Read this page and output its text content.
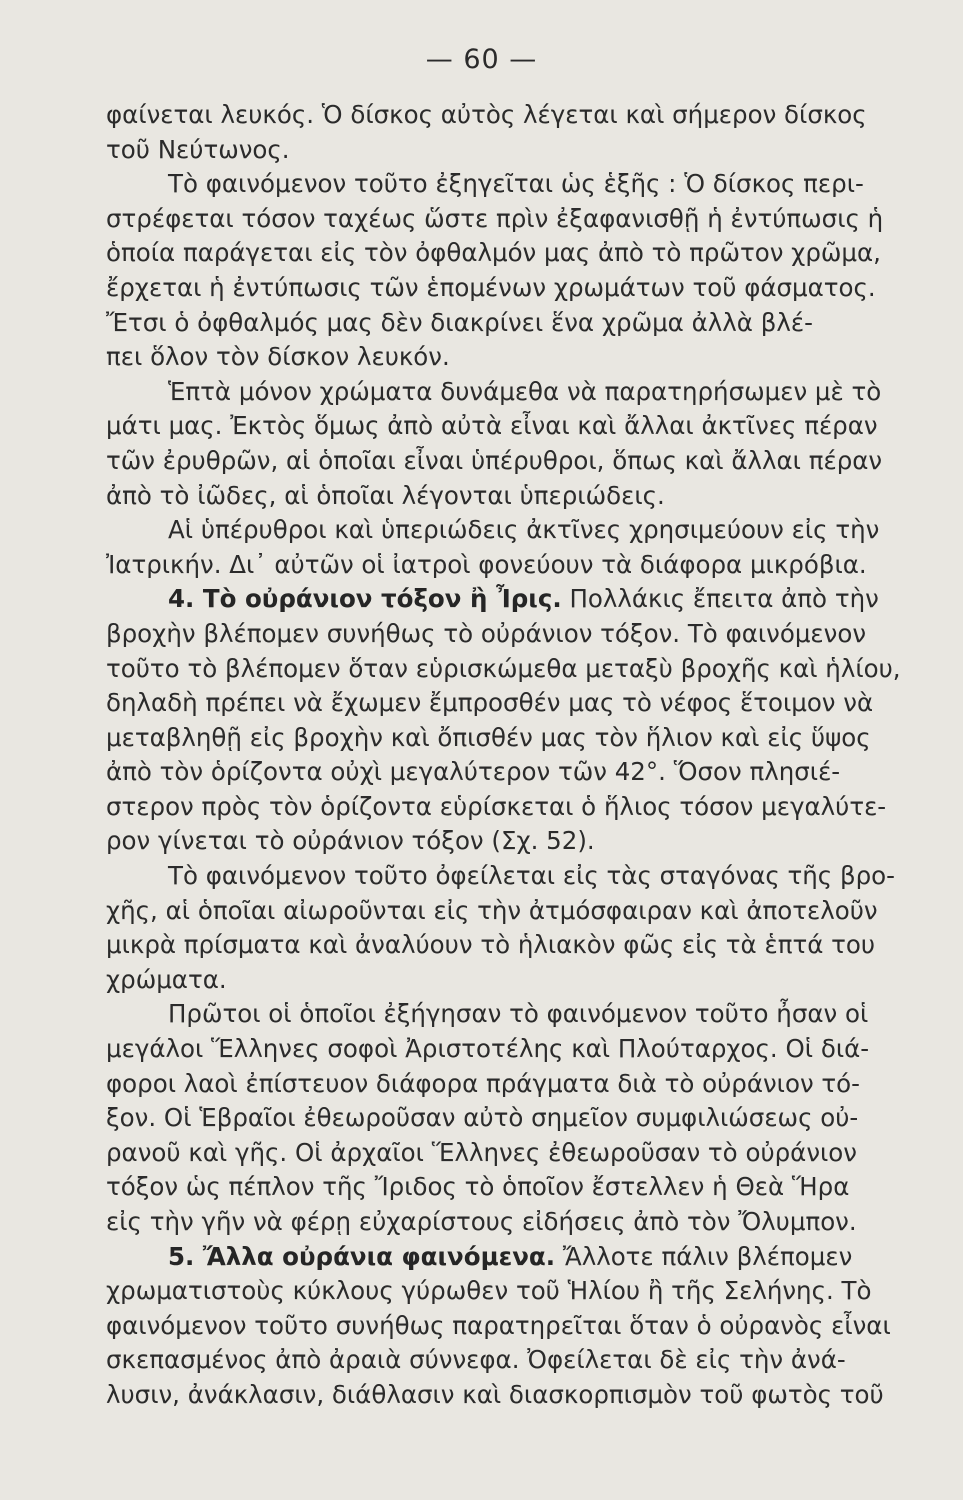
— 60 —
φαίνεται λευκός. Ὁ δίσκος αὐτὸς λέγεται καὶ σήμερον δίσκος
τοῦ Νεύτωνος.
Τὸ φαινόμενον τοῦτο ἐξηγεῖται ὡς ἑξῆς : Ὁ δίσκος περι-
στρέφεται τόσον ταχέως ὥστε πρὶν ἐξαφανισθῇ ἡ ἐντύπωσις ἡ
ὁποία παράγεται εἰς τὸν ὀφθαλμόν μας ἀπὸ τὸ πρῶτον χρῶμα,
ἔρχεται ἡ ἐντύπωσις τῶν ἑπομένων χρωμάτων τοῦ φάσματος.
Ἔτσι ὁ ὀφθαλμός μας δὲν διακρίνει ἕνα χρῶμα ἀλλὰ βλέ-
πει ὅλον τὸν δίσκον λευκόν.
Ἑπτὰ μόνον χρώματα δυνάμεθα νὰ παρατηρήσωμεν μὲ τὸ
μάτι μας. Ἐκτὸς ὅμως ἀπὸ αὐτὰ εἶναι καὶ ἄλλαι ἀκτῖνες πέραν
τῶν ἐρυθρῶν, αἱ ὁποῖαι εἶναι ὑπέρυθροι, ὅπως καὶ ἄλλαι πέραν
ἀπὸ τὸ ἰῶδες, αἱ ὁποῖαι λέγονται ὑπεριώδεις.
Αἱ ὑπέρυθροι καὶ ὑπεριώδεις ἀκτῖνες χρησιμεύουν εἰς τὴν
Ἰατρικήν. Δι᾿ αὐτῶν οἱ ἰατροὶ φονεύουν τὰ διάφορα μικρόβια.
4. Τὸ οὐράνιον τόξον ἢ Ἶρις. Πολλάκις ἔπειτα ἀπὸ τὴν
βροχὴν βλέπομεν συνήθως τὸ οὐράνιον τόξον. Τὸ φαινόμενον
τοῦτο τὸ βλέπομεν ὅταν εὑρισκώμεθα μεταξὺ βροχῆς καὶ ἡλίου,
δηλαδὴ πρέπει νὰ ἔχωμεν ἔμπροσθέν μας τὸ νέφος ἕτοιμον νὰ
μεταβληθῇ εἰς βροχὴν καὶ ὄπισθέν μας τὸν ἥλιον καὶ εἰς ὕψος
ἀπὸ τὸν ὁρίζοντα οὐχὶ μεγαλύτερον τῶν 42°. Ὅσον πλησιέ-
στερον πρὸς τὸν ὁρίζοντα εὑρίσκεται ὁ ἥλιος τόσον μεγαλύτε-
ρον γίνεται τὸ οὐράνιον τόξον (Σχ. 52).
Τὸ φαινόμενον τοῦτο ὀφείλεται εἰς τὰς σταγόνας τῆς βρο-
χῆς, αἱ ὁποῖαι αἰωροῦνται εἰς τὴν ἀτμόσφαιραν καὶ ἀποτελοῦν
μικρὰ πρίσματα καὶ ἀναλύουν τὸ ἡλιακὸν φῶς εἰς τὰ ἑπτά του
χρώματα.
Πρῶτοι οἱ ὁποῖοι ἐξήγησαν τὸ φαινόμενον τοῦτο ἦσαν οἱ
μεγάλοι Ἕλληνες σοφοὶ Ἀριστοτέλης καὶ Πλούταρχος. Οἱ διά-
φοροι λαοὶ ἐπίστευον διάφορα πράγματα διὰ τὸ οὐράνιον τό-
ξον. Οἱ Ἑβραῖοι ἐθεωροῦσαν αὐτὸ σημεῖον συμφιλιώσεως οὐ-
ρανοῦ καὶ γῆς. Οἱ ἀρχαῖοι Ἕλληνες ἐθεωροῦσαν τὸ οὐράνιον
τόξον ὡς πέπλον τῆς Ἴριδος τὸ ὁποῖον ἔστελλεν ἡ Θεὰ Ἥρα
εἰς τὴν γῆν νὰ φέρῃ εὐχαρίστους εἰδήσεις ἀπὸ τὸν Ὄλυμπον.
5. Ἄλλα οὐράνια φαινόμενα. Ἄλλοτε πάλιν βλέπομεν
χρωματιστοὺς κύκλους γύρωθεν τοῦ Ἡλίου ἢ τῆς Σελήνης. Τὸ
φαινόμενον τοῦτο συνήθως παρατηρεῖται ὅταν ὁ οὐρανὸς εἶναι
σκεπασμένος ἀπὸ ἀραιὰ σύννεφα. Ὀφείλεται δὲ εἰς τὴν ἀνά-
λυσιν, ἀνάκλασιν, διάθλασιν καὶ διασκορπισμὸν τοῦ φωτὸς τοῦ
